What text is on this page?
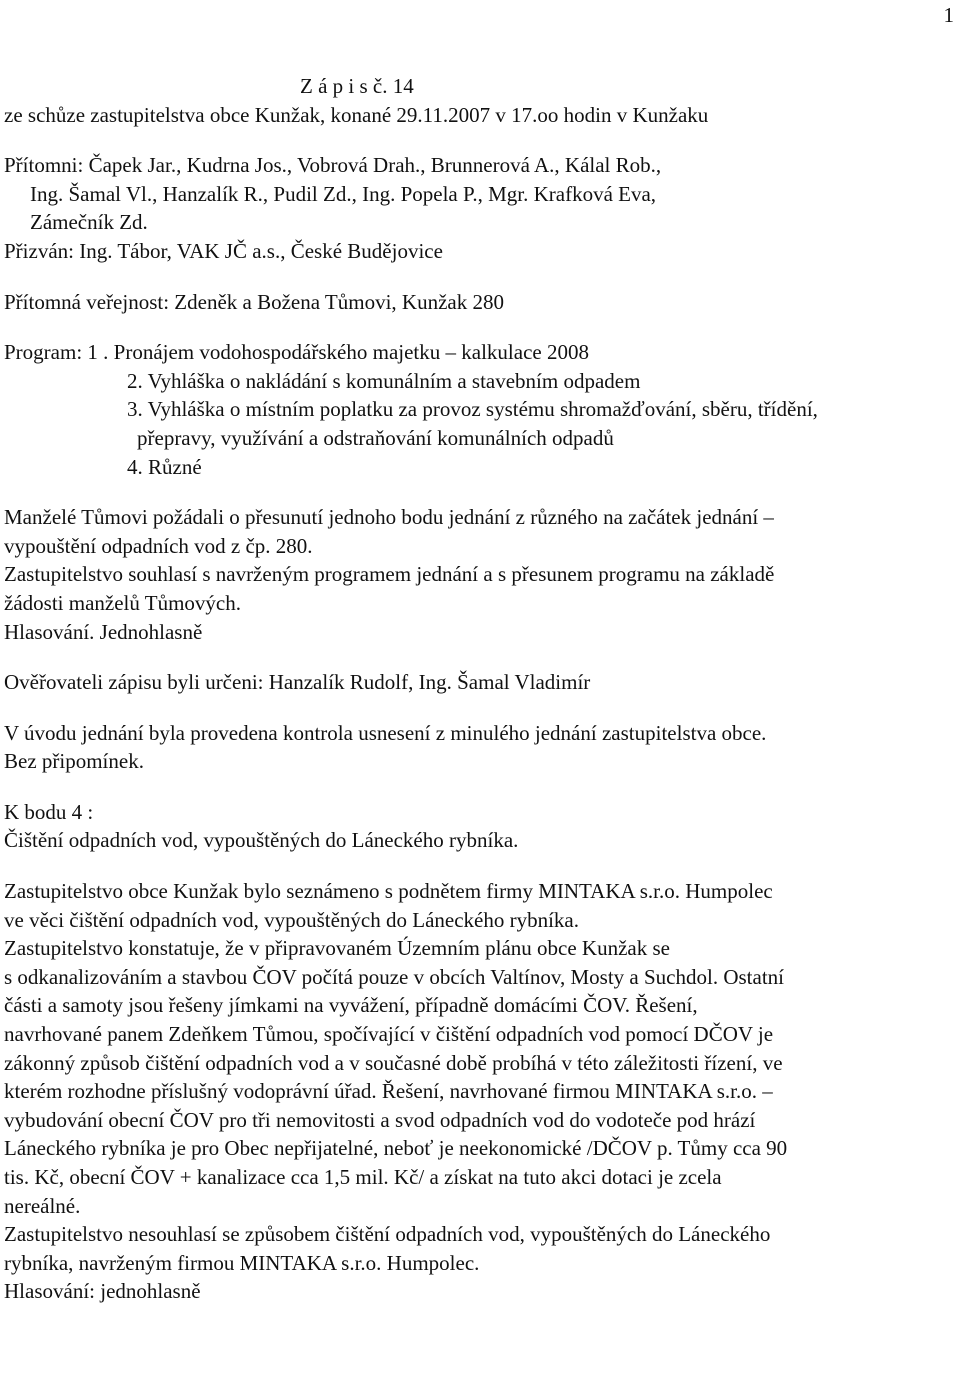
1
Z á p i s č. 14
ze schůze zastupitelstva obce Kunžak, konané 29.11.2007 v 17.oo hodin v Kunžaku
Přítomni: Čapek Jar., Kudrna Jos., Vobrová Drah., Brunnerová A., Kálal Rob.,
Ing. Šamal Vl., Hanzalík R., Pudil Zd., Ing. Popela P., Mgr. Krafková Eva,
Zámečník Zd.
Přizván: Ing. Tábor, VAK JČ a.s., České Budějovice
Přítomná veřejnost: Zdeněk a Božena Tůmovi, Kunžak 280
Program: 1 . Pronájem vodohospodářského majetku – kalkulace 2008
2. Vyhláška o nakládání s komunálním a stavebním odpadem
3. Vyhláška o místním poplatku za provoz systému shromažďování, sběru, třídění,
přepravy, využívání a odstraňování komunálních odpadů
4. Různé
Manželé Tůmovi požádali o přesunutí jednoho bodu jednání z různého na začátek jednání –
vypouštění odpadních vod z čp. 280.
Zastupitelstvo souhlasí s navrženým programem jednání a s přesunem programu na základě
žádosti manželů Tůmových.
Hlasování. Jednohlasně
Ověřovateli zápisu byli určeni: Hanzalík Rudolf, Ing. Šamal Vladimír
V úvodu jednání byla provedena kontrola usnesení z minulého jednání zastupitelstva obce.
Bez připomínek.
K bodu 4 :
Čištění odpadních vod, vypouštěných do Láneckého rybníka.
Zastupitelstvo obce Kunžak bylo seznámeno s podnětem firmy MINTAKA s.r.o. Humpolec
ve věci čištění odpadních vod, vypouštěných do Láneckého rybníka.
Zastupitelstvo konstatuje, že v připravovaném Územním plánu obce Kunžak se
s odkanalizováním a stavbou ČOV počítá pouze v obcích Valtínov, Mosty a Suchdol. Ostatní
části a samoty jsou řešeny jímkami na vyvážení, případně domácími ČOV. Řešení,
navrhované panem Zdeňkem Tůmou, spočívající v čištění odpadních vod pomocí DČOV je
zákonný způsob čištění odpadních vod a v současné době probíhá v této záležitosti řízení, ve
kterém rozhodne příslušný vodoprávní úřad. Řešení, navrhované firmou MINTAKA s.r.o. –
vybudování obecní ČOV pro tři nemovitosti a svod odpadních vod do vodoteče pod hrází
Láneckého rybníka je pro Obec nepřijatelné, neboť je neekonomické /DČOV p. Tůmy cca 90
tis. Kč, obecní ČOV + kanalizace cca 1,5 mil. Kč/ a získat na tuto akci dotaci je zcela
nereálné.
Zastupitelstvo nesouhlasí se způsobem čištění odpadních vod, vypouštěných do Láneckého
rybníka, navrženým firmou MINTAKA s.r.o. Humpolec.
Hlasování: jednohlasně
